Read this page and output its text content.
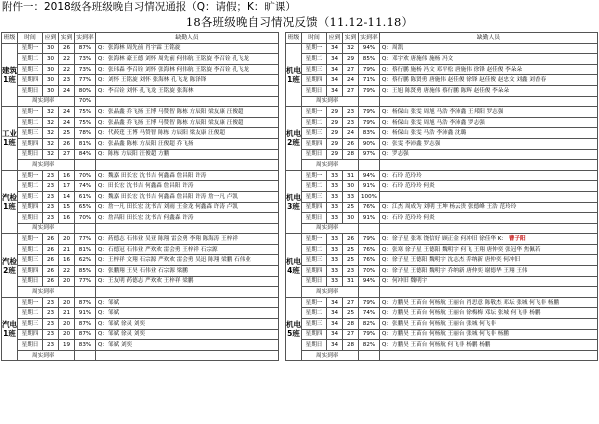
附件一：2018级各班级晚自习情况通报（Q：请假；K：旷课）
18各班级晚自习情况反馈（11.12-11.18）
班级	时间	应到	实到	实到率	缺勤人员
建筑1班	星期一	30	26	87%	Q：张海林 周先前 肖宇霖 王铭旋
	星期二	30	22	73%	Q：张海林 豪王德 刘怀 周先前 何伟航 王铭旋 李召铨 孔飞龙
	星期三	30	22	73%	Q：张玮森 李召铨 刘怀 张海林 何伟航 王铭旋 李召铨 孔飞龙
	星期四	30	23	77%	Q：刘怀 王铭旋 刘怀 张海林 孔飞龙 陈泽锋
	星期日	30	24	80%	Q：李召铨 刘怀 孔飞龙 王铭旋 张海林
	周实到率			70%	
工业1班	星期一	32	24	75%	Q：张晶鑫 乔飞扬 王博 马赞智 陈栋 方辰阳 梁友康 汪俊超
	星期二	32	24	75%	Q：张晶鑫 乔飞扬 王博 马赞智 陈栋 方辰阳 梁友康 汪俊超
	星期三	32	25	78%	Q：代莜莛 王博 马赞智 陈栋 方辰阳 梁友康 汪俊超
	星期四	32	26	81%	Q：张晶鑫 陈栋 方辰阳 汪俊超 乔飞扬
	星期日	32	27	84%	Q：陈栋 方辰阳 汪俊超 方鹏
	周实到率				
汽检1班	星期一	23	16	70%	Q：魏嘉 田长宏 沈书吉 何鑫森 詹昌阳 许涛
	星期二	23	17	74%	Q：田长宏 沈书吉 何鑫森 詹昌阳 许涛
	星期三	23	14	61%	Q：魏嘉 田长宏 沈书吉 何鑫森 詹昌阳 许涛 詹一凡 卢凯
	星期四	23	15	65%	Q：詹一凡 田长宏 沈书吉 刘雨 王金龙 何鑫森 许涛 卢凯
	星期日	23	16	70%	Q：詹昌阳 田长宏 沈书吉 何鑫森 许涛
	周实到率				
汽检2班	星期一	26	20	77%	Q：药德志 石伟业 吴亚 陈翔 雷会勇 李翔 陈海涛 王梓祥
	星期二	26	21	81%	Q：石德冠 石伟业 严欢欢 雷会勇 王梓祥 石宗源
	星期三	26	16	62%	Q：王梓祥 文翔 石宗源 严欢欢 雷会勇 吴迅 陈翔 梁鹏 石伟业
	星期四	26	22	85%	Q：张鹏翔 王昊 石伟业 石宗源 梁鹏
	星期日	26	20	77%	Q：王友明 药德志 严欢欢 王梓祥 梁鹏
	周实到率				
汽电1班	星期一	23	20	87%	Q：邹斌
	星期二	23	21	91%	Q：邹斌
	星期三	23	20	87%	Q：邹斌 徐灵 刘奕
	星期四	23	20	87%	Q：邹斌 徐灵 刘奕
	星期日	23	19	83%	Q：邹斌 刘奕
	周实到率				
班级	时间	应到	实到	实到率	缺勤人员
机电1班	星期一	34	32	94%	Q：周凯
	星期二	34	29	85%	Q：邓宇欢 唐施伟 施杨 冯文
	星期三	34	27	79%	Q：蔡行鹏 施杨 冯文 邓平松 唐施伟 徐锋 赵佳俊 李朵朵
	星期四	34	24	71%	Q：蔡行鹏 陈贤勇 唐施伟 赵佳俊 徐锋 赵佳俊 赵忠文 刘鑫 刘香春
	星期日	34	27	79%	Q：王旭 陈贤勇 唐施伟 蔡行鹏 陈辉 赵佳俊 李朵朵
	周实到率				
机电2班	星期一	29	23	79%	Q：杨保山 张雯 周旭 马浩 李沛鑫 王邦阳 罗志强
	星期二	29	23	79%	Q：杨保山 张雯 周旭 马浩 李沛鑫 罗志强
	星期三	29	24	83%	Q：杨保山 张雯 马浩 李沛鑫 沈璐
	星期四	29	26	90%	Q：张雯 李沛鑫 罗志强
	星期日	29	28	97%	Q：罗志强
	周实到率				
机电3班	星期一	33	31	94%	Q：石玲 范玲玲
	星期二	33	30	91%	Q：石玲 范玲玲 何炎
	星期三	33	33	100%	
	星期四	33	25	76%	Q：江杰 周成为 刘明 王坤 杨云贵 张德峰 王浩 范玲玲
	星期日	33	30	91%	Q：石玲 范玲玲 何炎
	周实到率				
机电4班	星期一	33	26	79%	Q：徐子星 张寒 饶信好 顾正金 何冲旧 徐佳华 K： 曹子阳
	星期二	33	25	76%	Q：张寒 徐子星 王德阳 魏明宇 何飞 王翔 唐仲奕 张冠华 焦佩若
	星期三	33	25	76%	Q：徐子星 王德阳 魏明宇 沈志杰 乔纳新 唐仲奕 何冲旧
	星期四	33	23	70%	Q：徐子星 王德阳 魏明宇 乔纳新 唐仲奕 谢德华 王翔 王伟
	星期日	33	31	94%	Q：何冲旧 魏明宇
	周实到率				
机电5班	星期一	34	27	79%	Q：方鹏昊 王苗台 何杨航 王丽台 肖思意 陈敬杰 邓坛 张城 何飞非 杨鹏
	星期二	34	25	74%	Q：方鹏昊 王苗台 何杨航 王丽台 徐梅梅 邓坛 张城 何飞非 杨鹏
	星期三	34	28	82%	Q：张鹏昊 王苗台 何杨航 王丽台 张城 何飞非
	星期四	34	27	79%	Q：方鹏昊 王苗台 何杨航 王丽台 张城 何飞非 杨鹏
	星期日	34	28	82%	Q：方鹏昊 王苗台 何杨航 何飞非 杨鹏 杨鹏
	周实到率				
